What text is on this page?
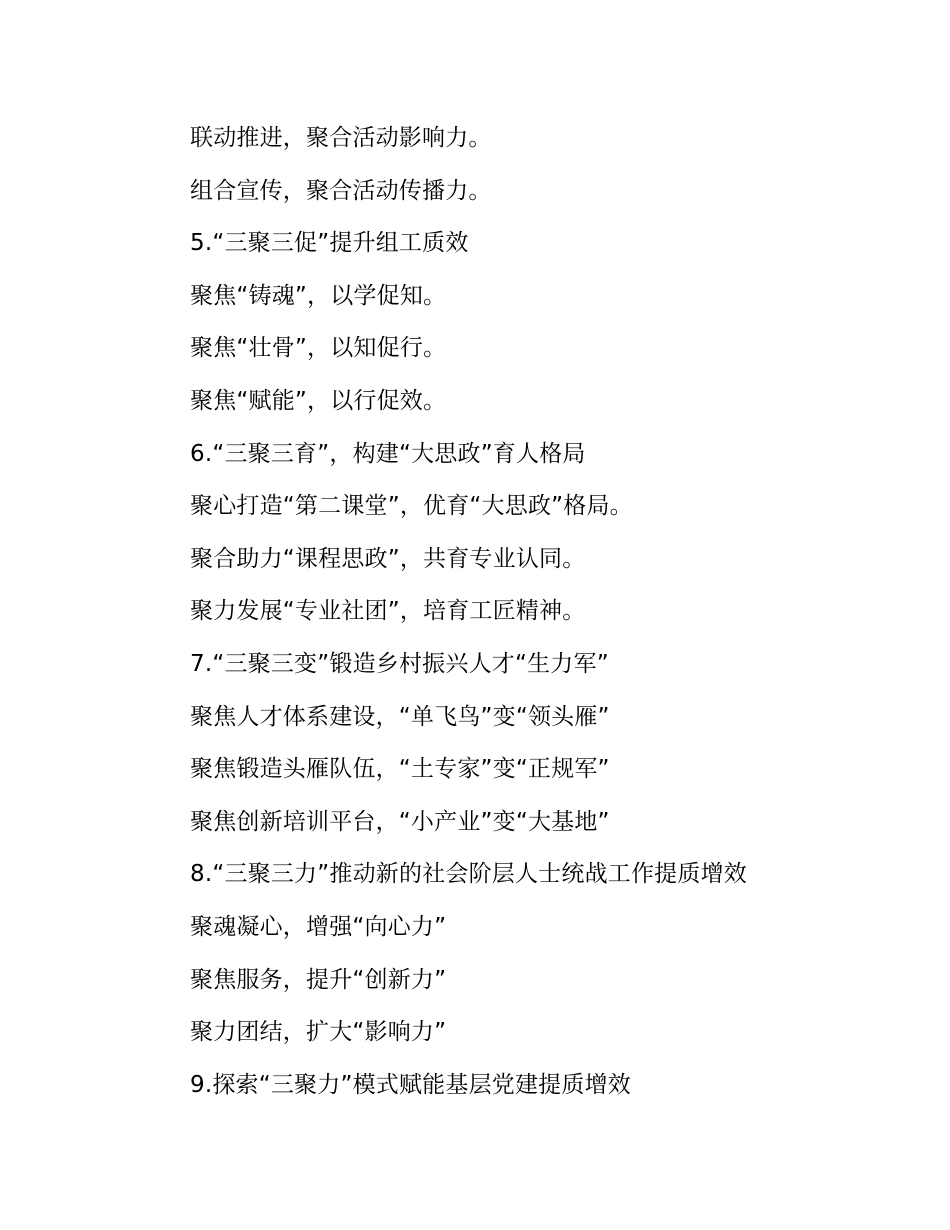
联动推进，聚合活动影响力。
组合宣传，聚合活动传播力。
5.“三聚三促”提升组工质效
聚焦“铸魂”，以学促知。
聚焦“壮骨”，以知促行。
聚焦“赋能”，以行促效。
6.“三聚三育”，构建“大思政”育人格局
聚心打造“第二课堂”，优育“大思政”格局。
聚合助力“课程思政”，共育专业认同。
聚力发展“专业社团”，培育工匠精神。
7.“三聚三变”锻造乡村振兴人才“生力军”
聚焦人才体系建设，“单飞鸟”变“领头雁”
聚焦锻造头雁队伍，“土专家”变“正规军”
聚焦创新培训平台，“小产业”变“大基地”
8.“三聚三力”推动新的社会阶层人士统战工作提质增效
聚魂凝心，增强“向心力”
聚焦服务，提升“创新力”
聚力团结，扩大“影响力”
9.探索“三聚力”模式赋能基层党建提质增效
